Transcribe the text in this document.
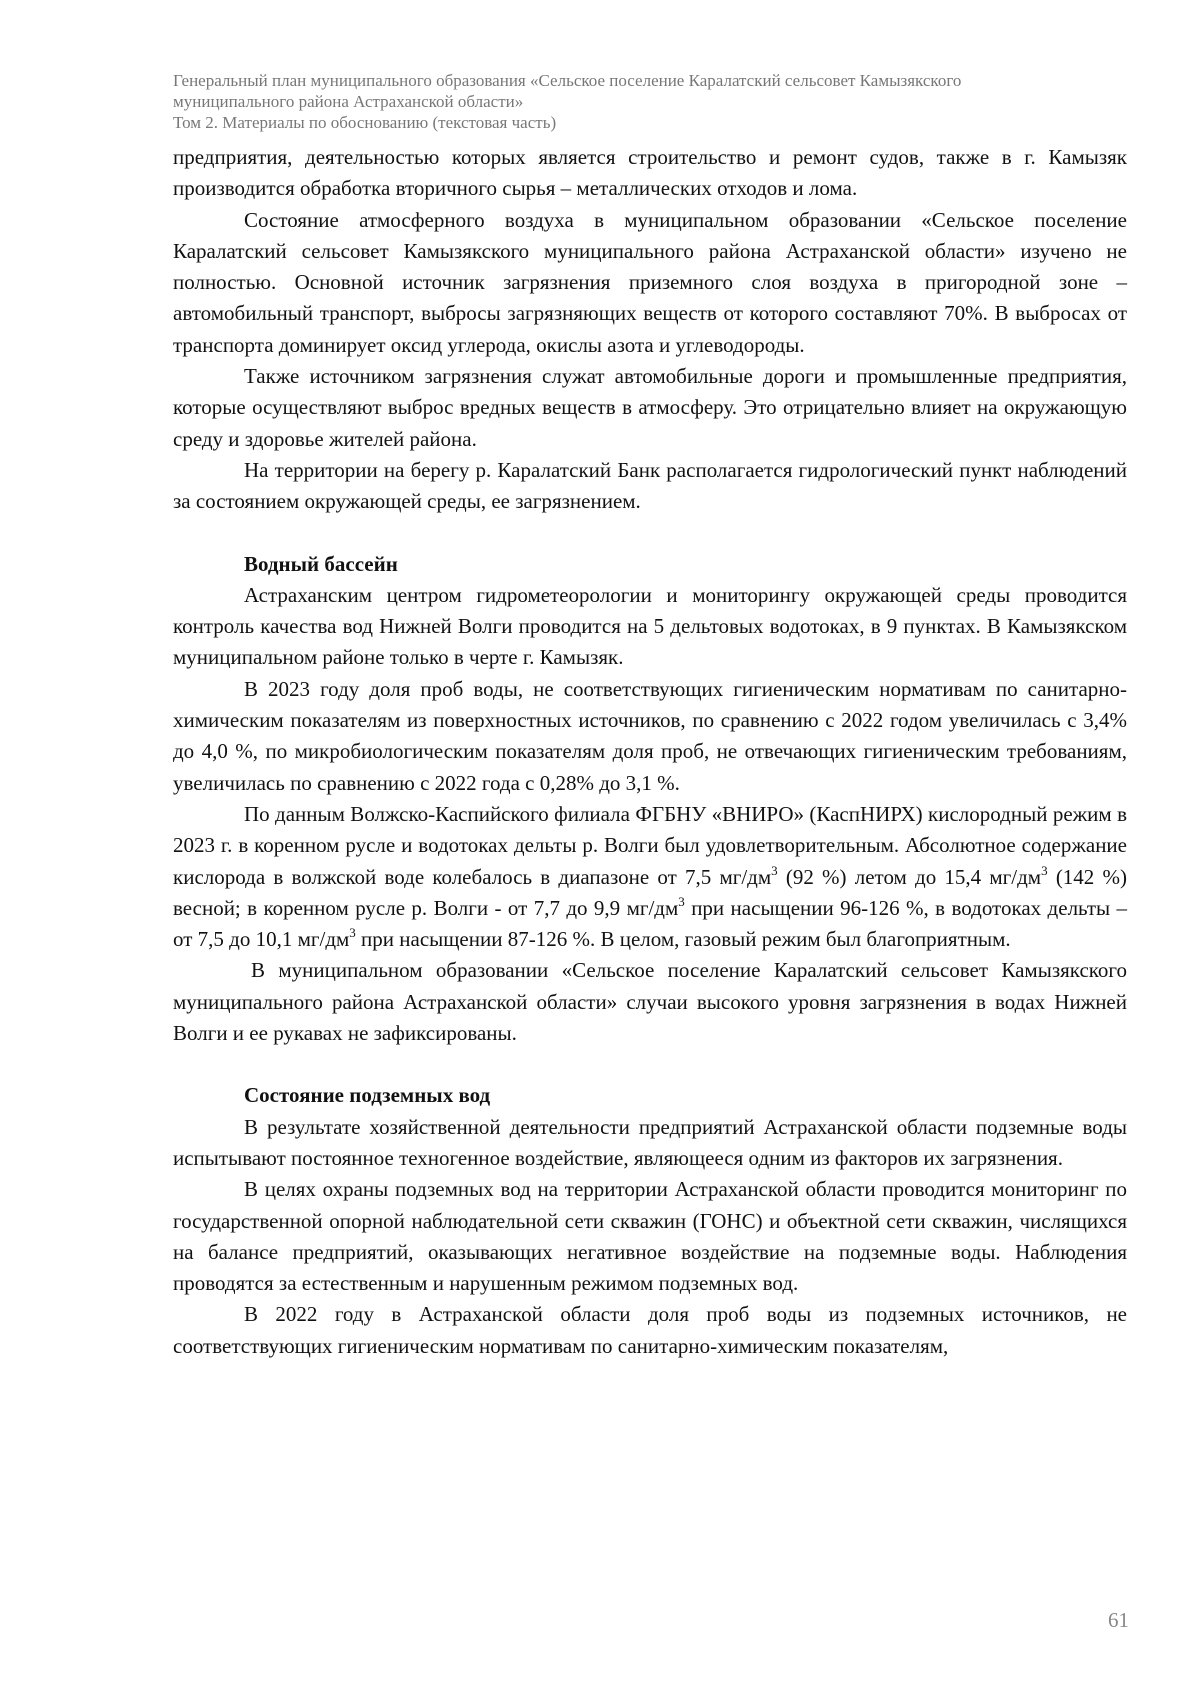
Генеральный план муниципального образования «Сельское поселение Каралатский сельсовет Камызякского
муниципального района Астраханской области»
Том 2. Материалы по обоснованию (текстовая часть)

предприятия, деятельностью которых является строительство и ремонт судов, также в г. Камызяк производится обработка вторичного сырья – металлических отходов и лома.

Состояние атмосферного воздуха в муниципальном образовании «Сельское поселение Каралатский сельсовет Камызякского муниципального района Астраханской области» изучено не полностью. Основной источник загрязнения приземного слоя воздуха в пригородной зоне – автомобильный транспорт, выбросы загрязняющих веществ от которого составляют 70%. В выбросах от транспорта доминирует оксид углерода, окислы азота и углеводороды.

Также источником загрязнения служат автомобильные дороги и промышленные предприятия, которые осуществляют выброс вредных веществ в атмосферу. Это отрицательно влияет на окружающую среду и здоровье жителей района.

На территории на берегу р. Каралатский Банк располагается гидрологический пункт наблюдений за состоянием окружающей среды, ее загрязнением.

Водный бассейн

Астраханским центром гидрометеорологии и мониторингу окружающей среды проводится контроль качества вод Нижней Волги проводится на 5 дельтовых водотоках, в 9 пунктах. В Камызякском муниципальном районе только в черте г. Камызяк.

В 2023 году доля проб воды, не соответствующих гигиеническим нормативам по санитарно-химическим показателям из поверхностных источников, по сравнению с 2022 годом увеличилась с 3,4% до 4,0 %, по микробиологическим показателям доля проб, не отвечающих гигиеническим требованиям, увеличилась по сравнению с 2022 года с 0,28% до 3,1 %.

По данным Волжско-Каспийского филиала ФГБНУ «ВНИРО» (КаспНИРХ) кислородный режим в 2023 г. в коренном русле и водотоках дельты р. Волги был удовлетворительным. Абсолютное содержание кислорода в волжской воде колебалось в диапазоне от 7,5 $мг/дм^3$ (92 %) летом до 15,4 $мг/дм^3$ (142 %) весной; в коренном русле р. Волги - от 7,7 до 9,9 $мг/дм^3$ при насыщении 96-126 %, в водотоках дельты – от 7,5 до 10,1 $мг/дм^3$ при насыщении 87-126 %. В целом, газовый режим был благоприятным.

В муниципальном образовании «Сельское поселение Каралатский сельсовет Камызякского муниципального района Астраханской области» случаи высокого уровня загрязнения в водах Нижней Волги и ее рукавах не зафиксированы.

Состояние подземных вод

В результате хозяйственной деятельности предприятий Астраханской области подземные воды испытывают постоянное техногенное воздействие, являющееся одним из факторов их загрязнения.

В целях охраны подземных вод на территории Астраханской области проводится мониторинг по государственной опорной наблюдательной сети скважин (ГОНС) и объектной сети скважин, числящихся на балансе предприятий, оказывающих негативное воздействие на подземные воды. Наблюдения проводятся за естественным и нарушенным режимом подземных вод.

В 2022 году в Астраханской области доля проб воды из подземных источников, не соответствующих гигиеническим нормативам по санитарно-химическим показателям,

61
